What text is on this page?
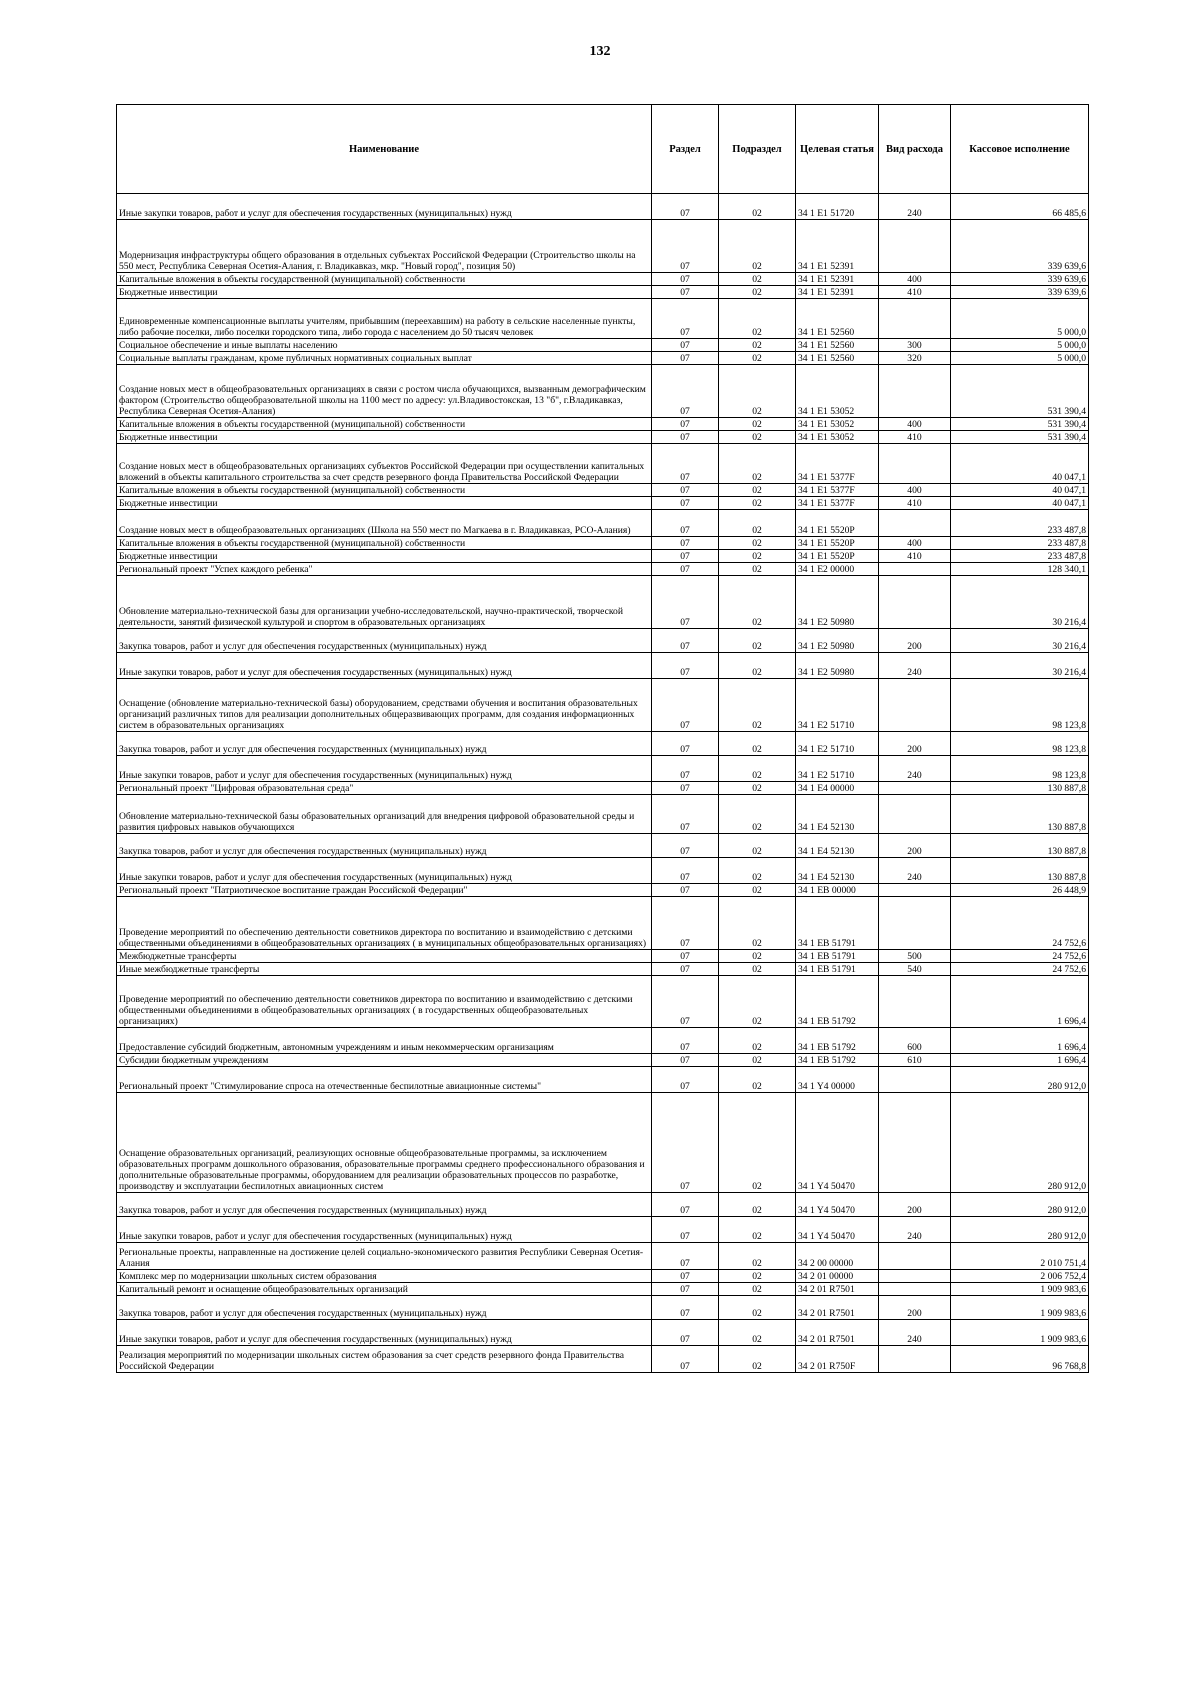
132
Наименование	Раздел	Подраздел	Целевая статья	Вид расхода	Кассовое исполнение
Иные закупки товаров, работ и услуг для обеспечения государственных (муниципальных) нужд	07	02	34 1 E1 51720	240	66 485,6
Модернизация инфраструктуры общего образования в отдельных субъектах Российской Федерации (Строительство школы на 550 мест, Республика Северная Осетия-Алания, г. Владикавказ, мкр. "Новый город", позиция 50)	07	02	34 1 E1 52391		339 639,6
Капитальные вложения в объекты государственной (муниципальной) собственности	07	02	34 1 E1 52391	400	339 639,6
Бюджетные инвестиции	07	02	34 1 E1 52391	410	339 639,6
Единовременные компенсационные выплаты учителям, прибывшим (переехавшим) на работу в сельские населенные пункты, либо рабочие поселки, либо поселки городского типа, либо города с населением до 50 тысяч человек	07	02	34 1 E1 52560		5 000,0
Социальное обеспечение и иные выплаты населению	07	02	34 1 E1 52560	300	5 000,0
Социальные выплаты гражданам, кроме публичных нормативных социальных выплат	07	02	34 1 E1 52560	320	5 000,0
Создание новых мест в общеобразовательных организациях в связи с ростом числа обучающихся, вызванным демографическим фактором (Строительство общеобразовательной школы на 1100 мест по адресу: ул.Владивостокская, 13 "б", г.Владикавказ, Республика Северная Осетия-Алания)	07	02	34 1 E1 53052		531 390,4
Капитальные вложения в объекты государственной (муниципальной) собственности	07	02	34 1 E1 53052	400	531 390,4
Бюджетные инвестиции	07	02	34 1 E1 53052	410	531 390,4
Создание новых мест в общеобразовательных организациях субъектов Российской Федерации при осуществлении капитальных вложений в объекты капитального строительства за счет средств резервного фонда Правительства Российской Федерации	07	02	34 1 E1 5377F		40 047,1
Капитальные вложения в объекты государственной (муниципальной) собственности	07	02	34 1 E1 5377F	400	40 047,1
Бюджетные инвестиции	07	02	34 1 E1 5377F	410	40 047,1
Создание новых мест в общеобразовательных организациях (Школа на 550 мест по Магкаева в г. Владикавказ, РСО-Алания)	07	02	34 1 E1 5520P		233 487,8
Капитальные вложения в объекты государственной (муниципальной) собственности	07	02	34 1 E1 5520P	400	233 487,8
Бюджетные инвестиции	07	02	34 1 E1 5520P	410	233 487,8
Региональный проект "Успех каждого ребенка"	07	02	34 1 E2 00000		128 340,1
Обновление материально-технической базы для организации учебно-исследовательской, научно-практической, творческой деятельности, занятий физической культурой и спортом в образовательных организациях	07	02	34 1 E2 50980		30 216,4
Закупка товаров, работ и услуг для обеспечения государственных (муниципальных) нужд	07	02	34 1 E2 50980	200	30 216,4
Иные закупки товаров, работ и услуг для обеспечения государственных (муниципальных) нужд	07	02	34 1 E2 50980	240	30 216,4
Оснащение (обновление материально-технической базы) оборудованием, средствами обучения и воспитания образовательных организаций различных типов для реализации дополнительных общеразвивающих программ, для создания информационных систем в образовательных организациях	07	02	34 1 E2 51710		98 123,8
Закупка товаров, работ и услуг для обеспечения государственных (муниципальных) нужд	07	02	34 1 E2 51710	200	98 123,8
Иные закупки товаров, работ и услуг для обеспечения государственных (муниципальных) нужд	07	02	34 1 E2 51710	240	98 123,8
Региональный проект "Цифровая образовательная среда"	07	02	34 1 E4 00000		130 887,8
Обновление материально-технической базы образовательных организаций для внедрения цифровой образовательной среды и развития цифровых навыков обучающихся	07	02	34 1 E4 52130		130 887,8
Закупка товаров, работ и услуг для обеспечения государственных (муниципальных) нужд	07	02	34 1 E4 52130	200	130 887,8
Иные закупки товаров, работ и услуг для обеспечения государственных (муниципальных) нужд	07	02	34 1 E4 52130	240	130 887,8
Региональный проект "Патриотическое воспитание граждан Российской Федерации"	07	02	34 1 EB 00000		26 448,9
Проведение мероприятий по обеспечению деятельности советников директора по воспитанию и взаимодействию с детскими общественными объединениями в общеобразовательных организациях ( в муниципальных общеобразовательных организациях)	07	02	34 1 EB 51791		24 752,6
Межбюджетные трансферты	07	02	34 1 EB 51791	500	24 752,6
Иные межбюджетные трансферты	07	02	34 1 EB 51791	540	24 752,6
Проведение мероприятий по обеспечению деятельности советников директора по воспитанию и взаимодействию с детскими общественными объединениями в общеобразовательных организациях ( в государственных общеобразовательных организациях)	07	02	34 1 EB 51792		1 696,4
Предоставление субсидий бюджетным, автономным учреждениям и иным некоммерческим организациям	07	02	34 1 EB 51792	600	1 696,4
Субсидии бюджетным учреждениям	07	02	34 1 EB 51792	610	1 696,4
Региональный проект "Стимулирование спроса на отечественные беспилотные авиационные системы"	07	02	34 1 Y4 00000		280 912,0
Оснащение образовательных организаций, реализующих основные общеобразовательные программы, за исключением образовательных программ дошкольного образования, образовательные программы среднего профессионального образования и дополнительные образовательные программы, оборудованием для реализации образовательных процессов по разработке, производству и эксплуатации беспилотных авиационных систем	07	02	34 1 Y4 50470		280 912,0
Закупка товаров, работ и услуг для обеспечения государственных (муниципальных) нужд	07	02	34 1 Y4 50470	200	280 912,0
Иные закупки товаров, работ и услуг для обеспечения государственных (муниципальных) нужд	07	02	34 1 Y4 50470	240	280 912,0
Региональные проекты, направленные на достижение целей социально-экономического развития Республики Северная Осетия-Алания	07	02	34 2 00 00000		2 010 751,4
Комплекс мер по модернизации школьных систем образования	07	02	34 2 01 00000		2 006 752,4
Капитальный ремонт и оснащение общеобразовательных организаций	07	02	34 2 01 R7501		1 909 983,6
Закупка товаров, работ и услуг для обеспечения государственных (муниципальных) нужд	07	02	34 2 01 R7501	200	1 909 983,6
Иные закупки товаров, работ и услуг для обеспечения государственных (муниципальных) нужд	07	02	34 2 01 R7501	240	1 909 983,6
Реализация мероприятий по модернизации школьных систем образования за счет средств резервного фонда Правительства Российской Федерации	07	02	34 2 01 R750F		96 768,8
